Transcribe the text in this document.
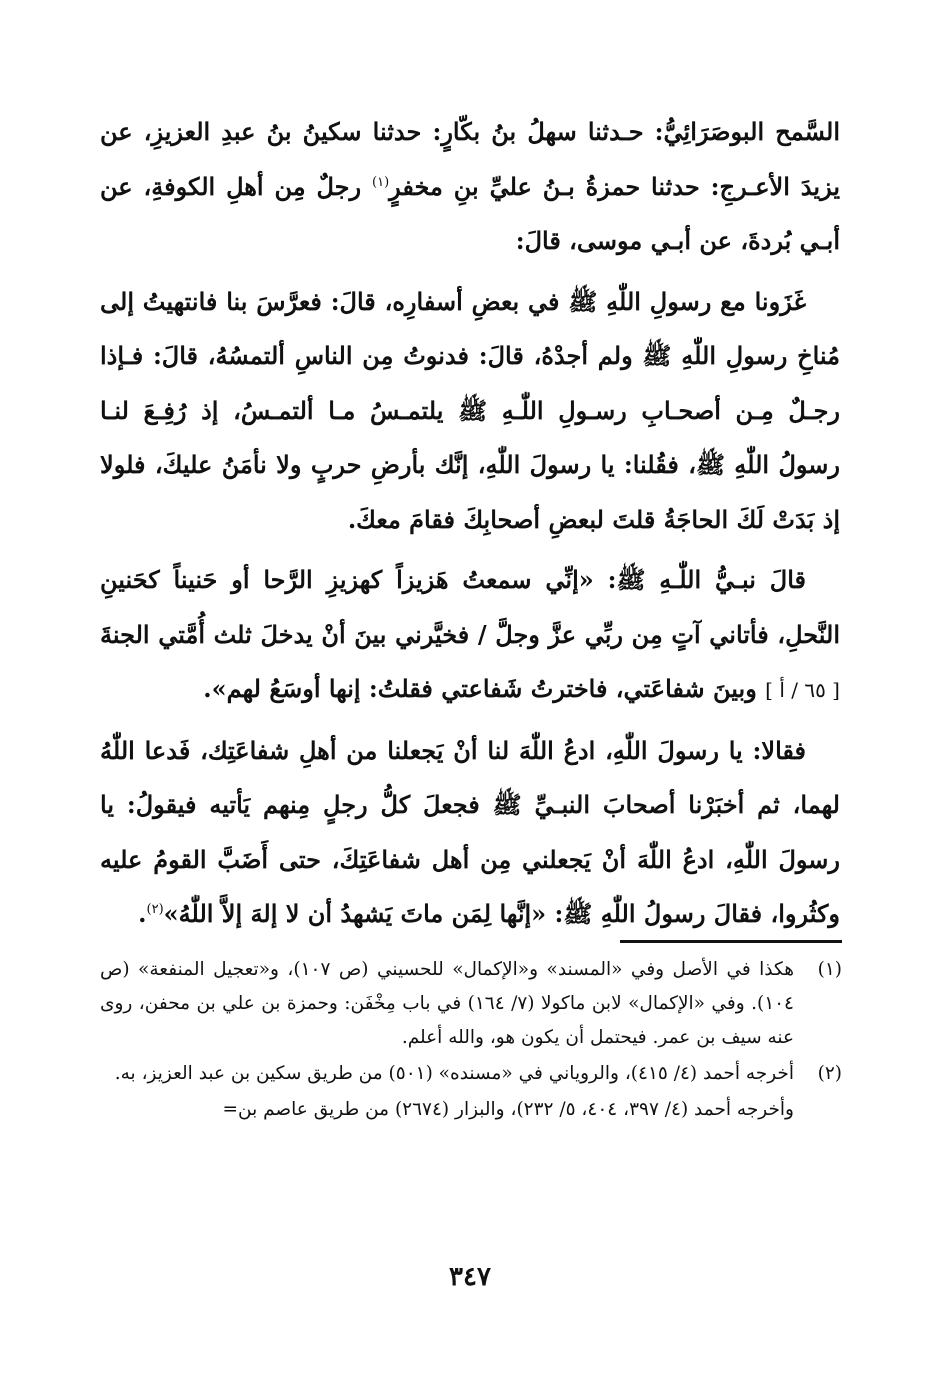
السَّمح البوصَرَائِيُّ: حـدثنا سهلُ بنُ بكّارٍ: حدثنا سكينُ بنُ عبدِ العزيزِ، عن يزيدَ الأعـرجِ: حدثنا حمزةُ بـنُ عليِّ بنِ مخفرٍ$^{(١)}$ رجلٌ مِن أهلِ الكوفةِ، عن أبـي بُردةَ، عن أبـي موسى، قالَ:

غَزَونا مع رسولِ اللّٰهِ ﷺ في بعضِ أسفارِه، قالَ: فعرَّسَ بنا فانتهيتُ إلى مُناخِ رسولِ اللّٰهِ ﷺ ولم أجدْهُ، قالَ: فدنوتُ مِن الناسِ ألتمسُهُ، قالَ: فـإذا رجـلٌ مِـن أصحـابِ رسـولِ اللّٰـهِ ﷺ يلتمـسُ مـا ألتمـسُ، إذ رُفِـعَ لنـا رسولُ اللّٰهِ ﷺ، فقُلنا: يا رسولَ اللّٰهِ، إنَّك بأرضِ حربٍ ولا نأمَنُ عليكَ، فلولا إذ بَدَتْ لَكَ الحاجَةُ قلتَ لبعضِ أصحابِكَ فقامَ معكَ.

قالَ نبـيُّ اللّٰـهِ ﷺ: «إنِّي سمعتُ هَزيزاً كهزيزِ الرَّحا أو حَنيناً كحَنينِ النَّحلِ، فأتاني آتٍ مِن ربِّي عزَّ وجلَّ / فخيَّرني بينَ أنْ يدخلَ ثلث أُمَّتي الجنةَ [ ٦٥ / أ ] وبينَ شفاعَتي، فاخترتُ شَفاعتي فقلتُ: إنها أوسَعُ لهم».

فقالا: يا رسولَ اللّٰهِ، ادعُ اللّٰهَ لنا أنْ يَجعلنا من أهلِ شفاعَتِك، فَدعا اللّٰهُ لهما، ثم أخبَرْنا أصحابَ النبـيِّ ﷺ فجعلَ كلُّ رجلٍ مِنهم يَأتيه فيقولُ: يا رسولَ اللّٰهِ، ادعُ اللّٰهَ أنْ يَجعلني مِن أهل شفاعَتِكَ، حتى أَضَبَّ القومُ عليه وكثُروا، فقالَ رسولُ اللّٰهِ ﷺ: «إنَّها لِمَن ماتَ يَشهدُ أن لا إلهَ إلاَّ اللّٰهُ»$^{(٢)}$.

(١)
هكذا في الأصل وفي «المسند» و«الإكمال» للحسيني (ص ١٠٧)، و«تعجيل المنفعة» (ص ١٠٤). وفي «الإكمال» لابن ماكولا (٧/ ١٦٤) في باب مِخْفَن: وحمزة بن علي بن محفن، روى عنه سيف بن عمر. فيحتمل أن يكون هو، والله أعلم.

(٢)
أخرجه أحمد (٤/ ٤١٥)، والروياني في «مسنده» (٥٠١) من طريق سكين بن عبد العزيز، به.

وأخرجه أحمد (٤/ ٣٩٧، ٤٠٤، ٥/ ٢٣٢)، والبزار (٢٦٧٤) من طريق عاصم بن=

٣٤٧
